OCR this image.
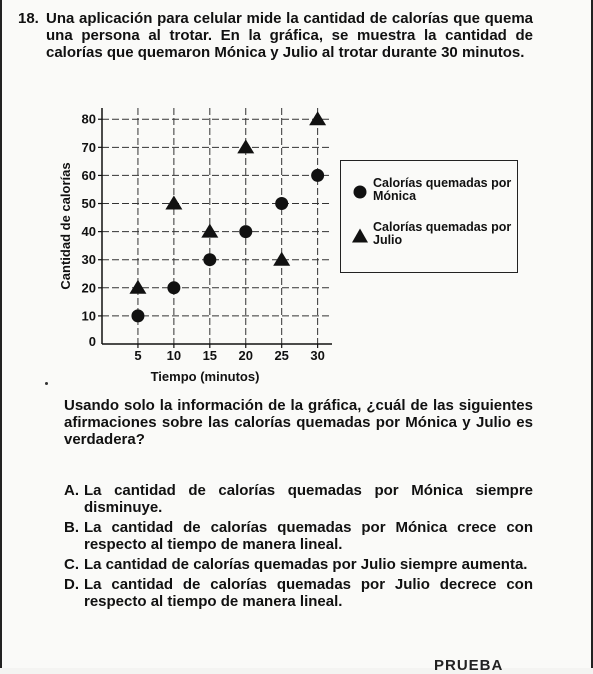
18. Una aplicación para celular mide la cantidad de calorías que quema una persona al trotar. En la gráfica, se muestra la cantidad de calorías que quemaron Mónica y Julio al trotar durante 30 minutos.
10
20
30
40
50
60
70
80
0
5 10 15 20 25 30
Tiempo (minutos)
Cantidad de calorías	Calorías quemadas por Mónica
Calorías quemadas por Julio
Usando solo la información de la gráfica, ¿cuál de las siguientes afirmaciones sobre las calorías quemadas por Mónica y Julio es verdadera?
A. La cantidad de calorías quemadas por Mónica siempre disminuye.
B. La cantidad de calorías quemadas por Mónica crece con respecto al tiempo de manera lineal.
C. La cantidad de calorías quemadas por Julio siempre aumenta.
D. La cantidad de calorías quemadas por Julio decrece con respecto al tiempo de manera lineal.
PRUEBA
